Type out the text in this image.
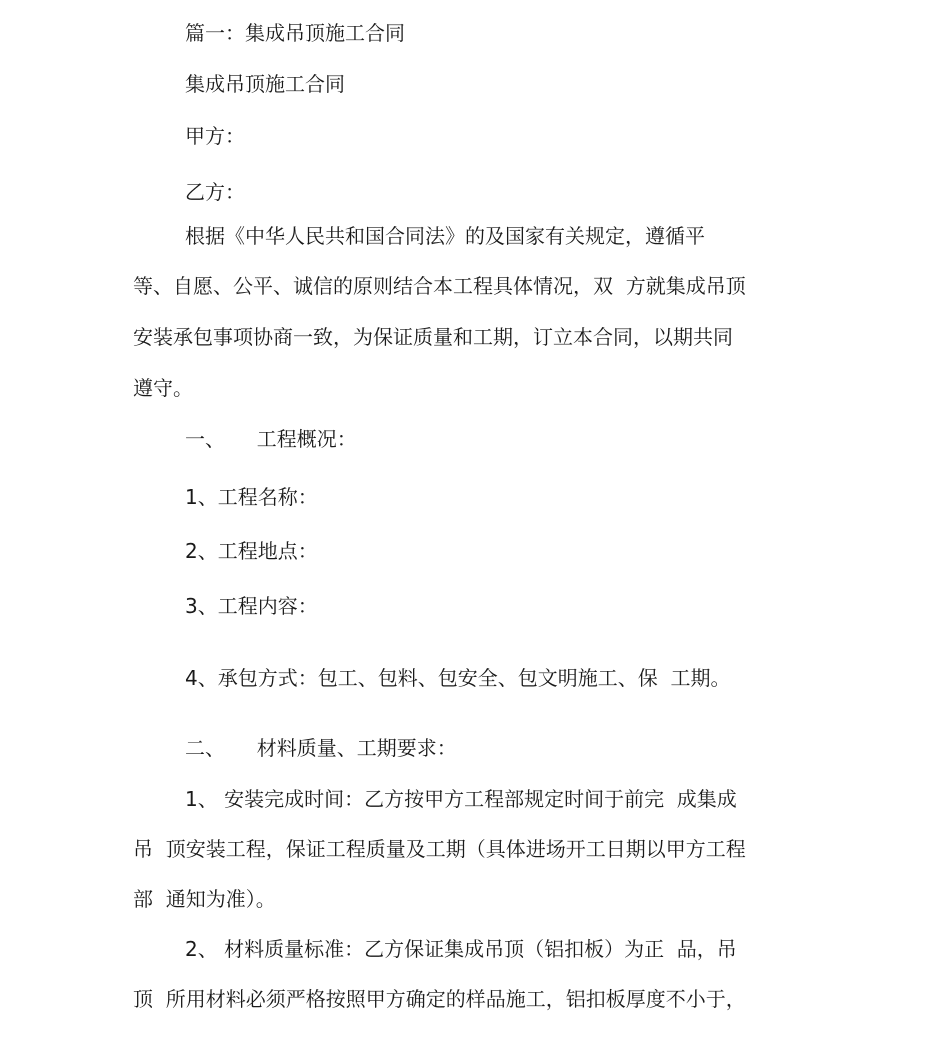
篇一：集成吊顶施工合同

集成吊顶施工合同

甲方：

乙方：

根据《中华人民共和国合同法》的及国家有关规定，遵循平

等、自愿、公平、诚信的原则结合本工程具体情况，双  方就集成吊顶

安装承包事项协商一致，为保证质量和工期，订立本合同，以期共同

遵守。

一、     工程概况：

1、工程名称：

2、工程地点：

3、工程内容：

4、承包方式：包工、包料、包安全、包文明施工、保  工期。

二、     材料质量、工期要求：

1、 安装完成时间：乙方按甲方工程部规定时间于前完  成集成

吊  顶安装工程，保证工程质量及工期（具体进场开工日期以甲方工程

部  通知为准）。

2、 材料质量标准：乙方保证集成吊顶（铝扣板）为正  品，吊

顶  所用材料必须严格按照甲方确定的样品施工，铝扣板厚度不小于，
